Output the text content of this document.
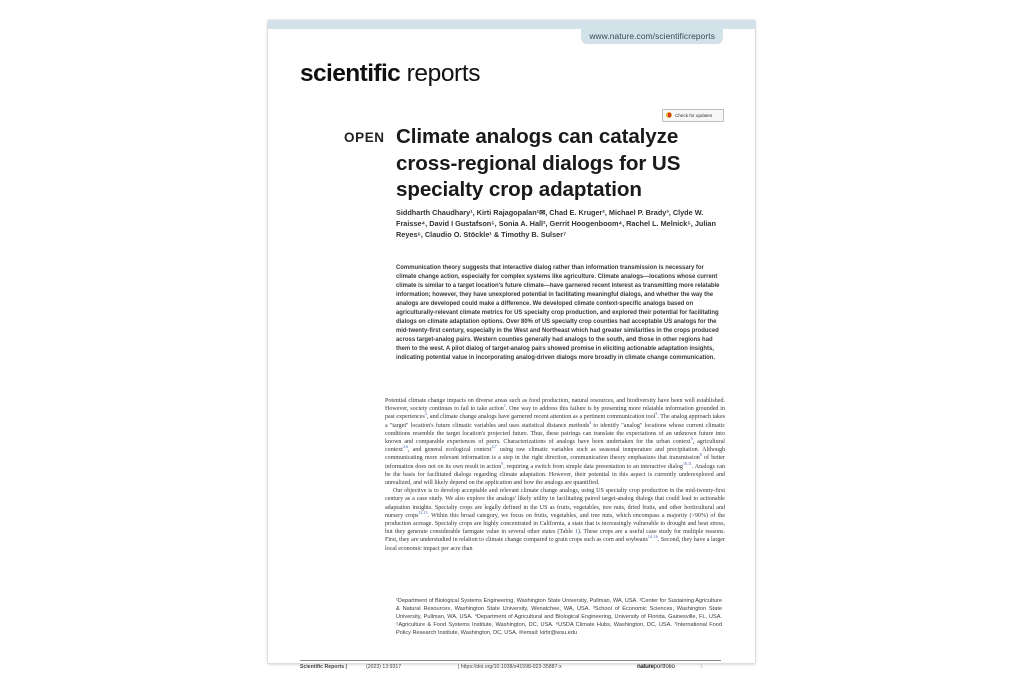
www.nature.com/scientificreports
scientific reports
Check for updates
OPEN Climate analogs can catalyze cross-regional dialogs for US specialty crop adaptation
Siddharth Chaudhary¹, Kirti Rajagopalan¹✉, Chad E. Kruger², Michael P. Brady³, Clyde W. Fraisse⁴, David I Gustafson⁵, Sonia A. Hall², Gerrit Hoogenboom⁴, Rachel L. Melnick⁵, Julian Reyes⁶, Claudio O. Stöckle¹ & Timothy B. Sulser⁷
Communication theory suggests that interactive dialog rather than information transmission is necessary for climate change action, especially for complex systems like agriculture. Climate analogs—locations whose current climate is similar to a target location's future climate—have garnered recent interest as transmitting more relatable information; however, they have unexplored potential in facilitating meaningful dialogs, and whether the way the analogs are developed could make a difference. We developed climate context-specific analogs based on agriculturally-relevant climate metrics for US specialty crop production, and explored their potential for facilitating dialogs on climate adaptation options. Over 80% of US specialty crop counties had acceptable US analogs for the mid-twenty-first century, especially in the West and Northeast which had greater similarities in the crops produced across target-analog pairs. Western counties generally had analogs to the south, and those in other regions had them to the west. A pilot dialog of target-analog pairs showed promise in eliciting actionable adaptation insights, indicating potential value in incorporating analog-driven dialogs more broadly in climate change communication.

Potential climate change impacts on diverse areas such as food production, natural resources, and biodiversity have been well established. However, society continues to fail to take action$^1$. One way to address this failure is by presenting more relatable information grounded in past experiences$^2$, and climate change analogs have garnered recent attention as a pertinent communication tool$^3$. The analog approach takes a "target" location's future climatic variables and uses statistical distance methods$^4$ to identify "analog" locations whose current climatic conditions resemble the target location's projected future. Thus, these pairings can translate the expectations of an unknown future into known and comparable experiences of peers. Characterizations of analogs have been undertaken for the urban context$^5$, agricultural context$^{3,6}$, and general ecological context$^{4,7}$ using raw climatic variables such as seasonal temperature and precipitation. Although communicating more relevant information is a step in the right direction, communication theory emphasizes that transmission$^8$ of better information does not on its own result in action$^9$, requiring a switch from simple data presentation to an interactive dialog$^{10,11}$. Analogs can be the basis for facilitated dialogs regarding climate adaptation. However, their potential in this aspect is currently underexplored and unrealized, and will likely depend on the application and how the analogs are quantified.

Our objective is to develop acceptable and relevant climate change analogs, using US specialty crop production in the mid-twenty-first century as a case study. We also explore the analogs' likely utility in facilitating paired target-analog dialogs that could lead to actionable adaptation insights. Specialty crops are legally defined in the US as fruits, vegetables, tree nuts, dried fruits, and other horticultural and nursery crops$^{12,13}$. Within this broad category, we focus on fruits, vegetables, and tree nuts, which encompass a majority (>90%) of the production acreage. Specialty crops are highly concentrated in California, a state that is increasingly vulnerable to drought and heat stress, but they generate considerable farmgate value in several other states (Table 1). These crops are a useful case study for multiple reasons. First, they are understudied in relation to climate change compared to grain crops such as corn and soybeans$^{14-16}$. Second, they have a larger local economic impact per acre than

¹Department of Biological Systems Engineering, Washington State University, Pullman, WA, USA. ²Center for Sustaining Agriculture & Natural Resources, Washington State University, Wenatchee, WA, USA. ³School of Economic Sciences, Washington State University, Pullman, WA, USA. ⁴Department of Agricultural and Biological Engineering, University of Florida, Gainesville, FL, USA. ⁵Agriculture & Food Systems Institute, Washington, DC, USA. ⁶USDA Climate Hubs, Washington, DC, USA. ⁷International Food Policy Research Institute, Washington, DC, USA. ✉email: kirtir@wsu.edu
Scientific Reports |	(2023) 13:9317	| https://doi.org/10.1038/s41598-023-35887-x	natureportfolio	1
